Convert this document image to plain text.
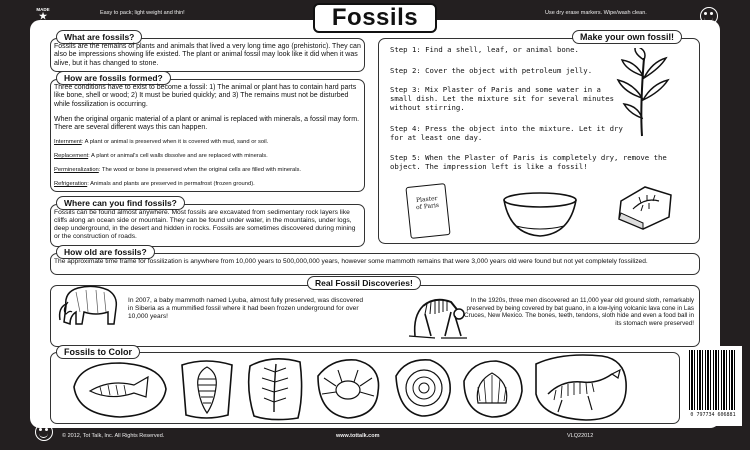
MADE
★
U.S.A
Easy to pack; light weight and thin!	Use dry erase markers. Wipe/wash clean.
Fossils
© 2012, Tot Talk, Inc. All Rights Reserved.	www.tottalk.com	VLQ22012
0 797734 606881
What are fossils?
Fossils are the remains of plants and animals that lived a very long time ago (prehistoric). They can also be impressions showing life existed. The plant or animal fossil may look like it did when it was alive, but it has changed to stone.
How are fossils formed?
Three conditions have to exist to become a fossil: 1) The animal or plant has to contain hard parts like bone, shell or wood; 2) It must be buried quickly; and 3) The remains must not be disturbed while fossilization is occurring.
When the original organic material of a plant or animal is replaced with minerals, a fossil may form. There are several different ways this can happen.
Internment: A plant or animal is preserved when it is covered with mud, sand or soil.
Replacement: A plant or animal's cell walls dissolve and are replaced with minerals.
Permineralization: The wood or bone is preserved when the original cells are filled with minerals.
Refrigeration: Animals and plants are preserved in permafrost (frozen ground).
Where can you find fossils?
Fossils can be found almost anywhere. Most fossils are excavated from sedimentary rock layers like cliffs along an ocean side or mountain. They can be found under water, in the mountains, under logs, deep underground, in the desert and hidden in rocks. Fossils are sometimes discovered during mining or the construction of roads.
How old are fossils?
The approximate time frame for fossilization is anywhere from 10,000 years to 500,000,000 years, however some mammoth remains that were 3,000 years old were found but not yet completely fossilized.
Make your own fossil!
Step 1: Find a shell, leaf, or animal bone.
Step 2: Cover the object with petroleum jelly.
Step 3: Mix Plaster of Paris and some water in a small dish. Let the mixture sit for several minutes without stirring.
Step 4: Press the object into the mixture. Let it dry for at least one day.
Step 5: When the Plaster of Paris is completely dry, remove the object. The impression left is like a fossil!
Plaster of Paris
Real Fossil Discoveries!
In 2007, a baby mammoth named Lyuba, almost fully preserved, was discovered in Siberia as a mummified fossil where it had been frozen underground for over 10,000 years!
In the 1920s, three men discovered an 11,000 year old ground sloth, remarkably preserved by being covered by bat guano, in a low-lying volcanic lava cone in Las Cruces, New Mexico. The bones, teeth, tendons, sloth hide and even a food ball in its stomach were preserved!
Fossils to Color
